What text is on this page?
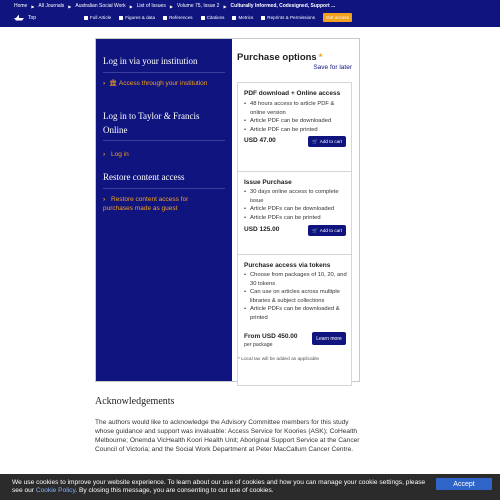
Home ▶ All Journals ▶ Australian Social Work ▶ List of Issues ▶ Volume 75, Issue 2 ▶ Culturally Informed, Codesigned, Support ...
Top	Full Article	Figures & data	References	Citations	Metrics	Reprints & Permissions	Get access
Log in via your institution
› 🏛 Access through your institution
Log in to Taylor & Francis Online
› Log in
Restore content access
› Restore content access for purchases made as guest
Purchase options *
Save for later
PDF download + Online access
• 48 hours access to article PDF & online version
• Article PDF can be downloaded
• Article PDF can be printed
USD 47.00	🛒 Add to cart
Issue Purchase
• 30 days online access to complete issue
• Article PDFs can be downloaded
• Article PDFs can be printed
USD 125.00	🛒 Add to cart
Purchase access via tokens
• Choose from packages of 10, 20, and 30 tokens
• Can use on articles across multiple libraries & subject collections
• Article PDFs can be downloaded & printed
From USD 450.00
per package
Learn more
* Local tax will be added as applicable
Acknowledgements
The authors would like to acknowledge the Advisory Committee members for this study whose guidance and support was invaluable: Access Service for Koories (ASK); CoHealth Melbourne; Onemda VicHealth Koori Health Unit; Aboriginal Support Service at the Cancer Council of Victoria; and the Social Work Department at Peter MacCallum Cancer Centre.
We use cookies to improve your website experience. To learn about our use of cookies and how you can manage your cookie settings, please see our Cookie Policy. By closing this message, you are consenting to our use of cookies.
Accept
